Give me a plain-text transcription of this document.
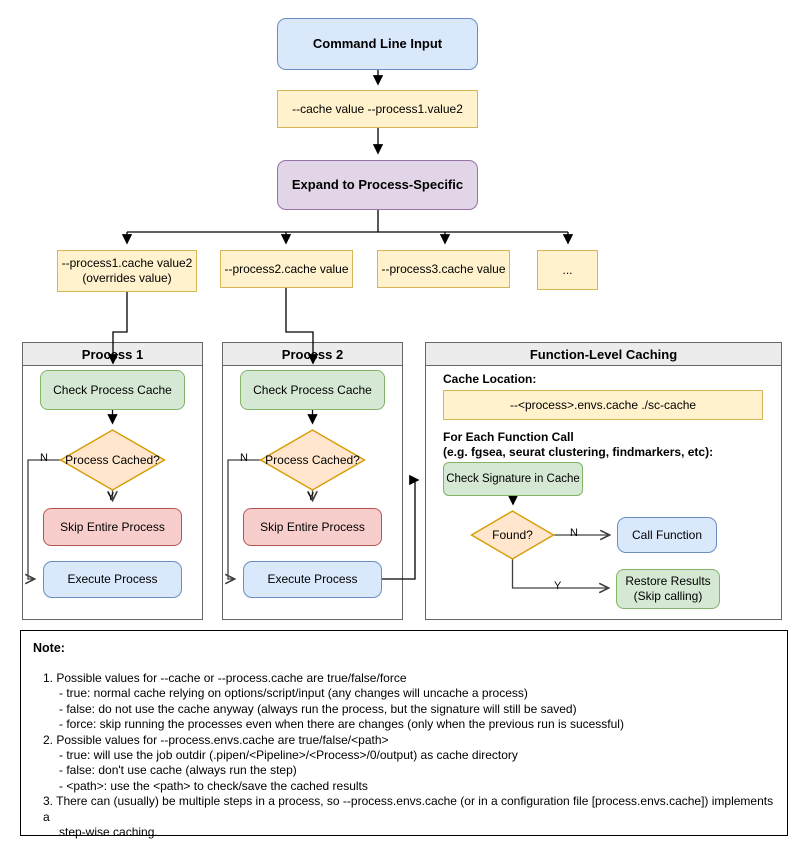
Process 1	Process 2	Function-Level Caching
Command Line Input
--cache value --process1.value2
Expand to Process-Specific
--process1.cache value2
(overrides value)
--process2.cache value	--process3.cache value	...
Check Process Cache
Process Cached?
N
Y
Skip Entire Process
Execute Process
Check Process Cache
Process Cached?
N
Y
Skip Entire Process
Execute Process
Cache Location:
--<process>.envs.cache ./sc-cache
For Each Function Call
(e.g. fgsea, seurat clustering, findmarkers, etc):
Check Signature in Cache
Found?	N
Y
Call Function
Restore Results
(Skip calling)
Note:
1. Possible values for --cache or --process.cache are true/false/force
- true: normal cache relying on options/script/input (any changes will uncache a process)
- false: do not use the cache anyway (always run the process, but the signature will still be saved)
- force: skip running the processes even when there are changes (only when the previous run is sucessful)
2. Possible values for --process.envs.cache are true/false/<path>
- true: will use the job outdir (.pipen/<Pipeline>/<Process>/0/output) as cache directory
- false: don't use cache (always run the step)
- <path>: use the <path> to check/save the cached results
3. There can (usually) be multiple steps in a process, so --process.envs.cache (or in a configuration file [process.envs.cache]) implements a
step-wise caching.
